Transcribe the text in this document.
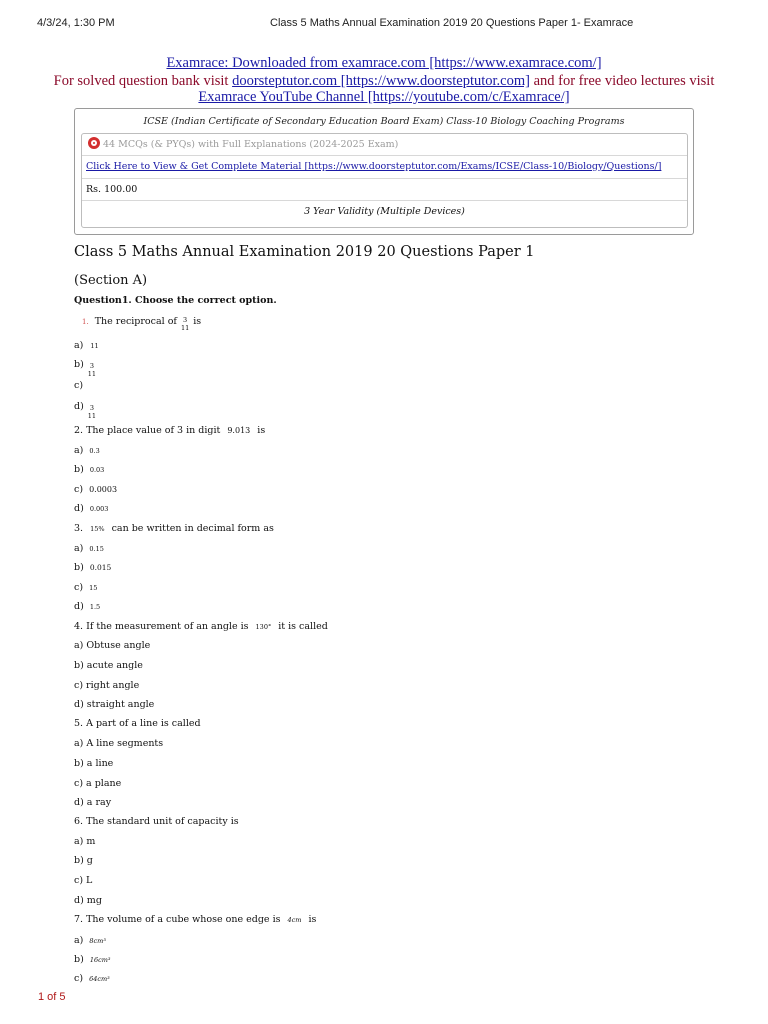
4/3/24, 1:30 PM	Class 5 Maths Annual Examination 2019 20 Questions Paper 1- Examrace
Examrace: Downloaded from examrace.com [https://www.examrace.com/]
For solved question bank visit doorsteptutor.com [https://www.doorsteptutor.com] and for free video lectures visit
Examrace YouTube Channel [https://youtube.com/c/Examrace/]
ICSE (Indian Certificate of Secondary Education Board Exam) Class-10 Biology Coaching Programs
44 MCQs (& PYQs) with Full Explanations (2024-2025 Exam)
Click Here to View & Get Complete Material [https://www.doorsteptutor.com/Exams/ICSE/Class-10/Biology/Questions/]
Rs. 100.00
3 Year Validity (Multiple Devices)
Class 5 Maths Annual Examination 2019 20 Questions Paper 1
(Section A)
Question1. Choose the correct option.
1. The reciprocal of 3
11
is
a) 11
b) 3
11
c)
d) 3
11
2. The place value of 3 in digit 9.013 is
a) 0.3
b) 0.03
c) 0.0003
d) 0.003
3. 15% can be written in decimal form as
a) 0.15
b) 0.015
c) 15
d) 1.5
4. If the measurement of an angle is 130° it is called
a) Obtuse angle
b) acute angle
c) right angle
d) straight angle
5. A part of a line is called
a) A line segments
b) a line
c) a plane
d) a ray
6. The standard unit of capacity is
a) m
b) g
c) L
d) mg
7. The volume of a cube whose one edge is 4cm is
a) 8cm³
b) 16cm³
c) 64cm³
1 of 5
